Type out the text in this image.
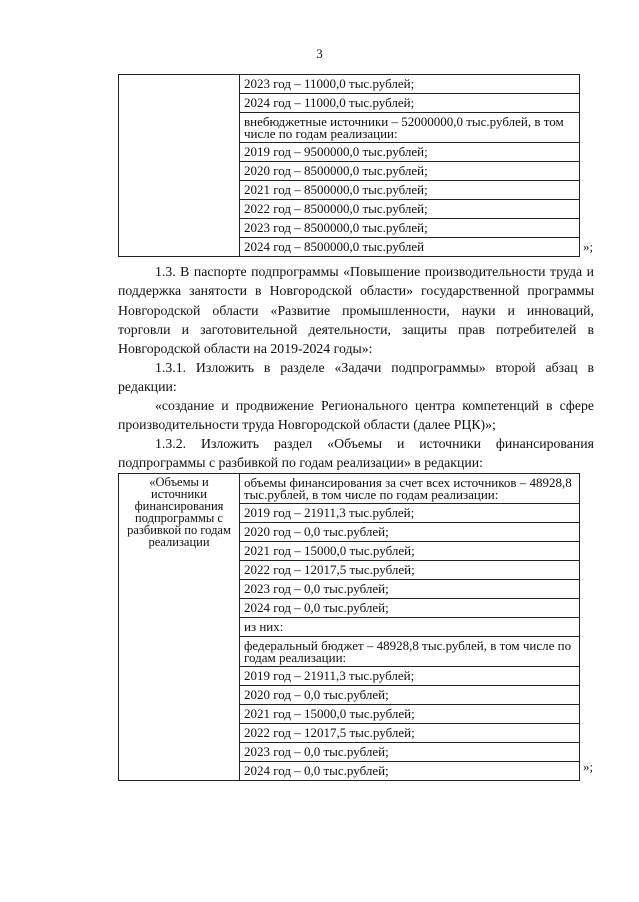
3

2023 год – 11000,0 тыс.рублей;
2024 год – 11000,0 тыс.рублей;
внебюджетные источники – 52000000,0 тыс.рублей, в том числе по годам реализации:
2019 год – 9500000,0 тыс.рублей;
2020 год – 8500000,0 тыс.рублей;
2021 год – 8500000,0 тыс.рублей;
2022 год – 8500000,0 тыс.рублей;
2023 год – 8500000,0 тыс.рублей;
2024 год – 8500000,0 тыс.рублей	»;
1.3. В паспорте подпрограммы «Повышение производительности труда и поддержка занятости в Новгородской области» государственной программы Новгородской области «Развитие промышленности, науки и инноваций, торговли и заготовительной деятельности, защиты прав потребителей в Новгородской области на 2019-2024 годы»:
1.3.1. Изложить в разделе «Задачи подпрограммы» второй абзац в редакции:
«создание и продвижение Регионального центра компетенций в сфере производительности труда Новгородской области (далее РЦК)»;
1.3.2. Изложить раздел «Объемы и источники финансирования подпрограммы с разбивкой по годам реализации» в редакции:
«Объемы и источники финансирования подпрограммы с разбивкой по годам реализации

объемы финансирования за счет всех источников – 48928,8 тыс.рублей, в том числе по годам реализации:
2019 год – 21911,3 тыс.рублей;
2020 год – 0,0 тыс.рублей;
2021 год – 15000,0 тыс.рублей;
2022 год – 12017,5 тыс.рублей;
2023 год – 0,0 тыс.рублей;
2024 год – 0,0 тыс.рублей;
из них:
федеральный бюджет – 48928,8 тыс.рублей, в том числе по годам реализации:
2019 год – 21911,3 тыс.рублей;
2020 год – 0,0 тыс.рублей;
2021 год – 15000,0 тыс.рублей;
2022 год – 12017,5 тыс.рублей;
2023 год – 0,0 тыс.рублей;
2024 год – 0,0 тыс.рублей;	»;
